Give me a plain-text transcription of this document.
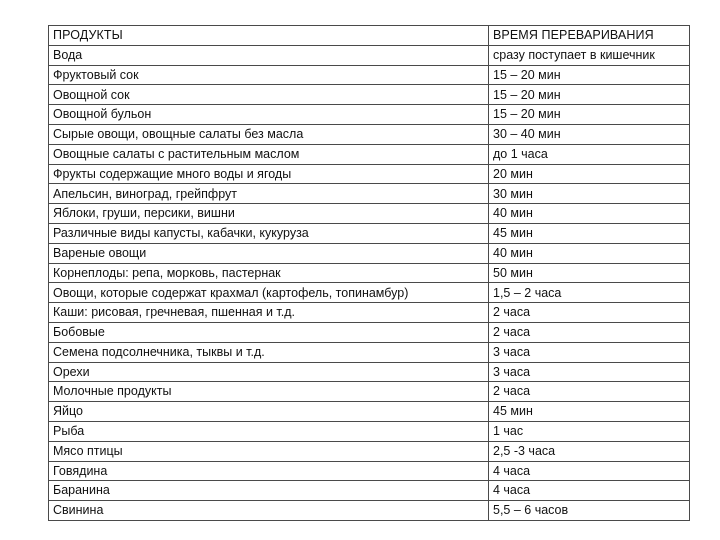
ПРОДУКТЫ	ВРЕМЯ ПЕРЕВАРИВАНИЯ
Вода	сразу поступает в кишечник
Фруктовый сок	15 – 20 мин
Овощной сок	15 – 20 мин
Овощной бульон	15 – 20 мин
Сырые овощи, овощные салаты без масла	30 – 40 мин
Овощные салаты с растительным маслом	до 1 часа
Фрукты содержащие много воды и ягоды	20 мин
Апельсин, виноград, грейпфрут	30 мин
Яблоки, груши, персики, вишни	40 мин
Различные виды капусты, кабачки, кукуруза	45 мин
Вареные овощи	40 мин
Корнеплоды: репа, морковь, пастернак	50 мин
Овощи, которые содержат крахмал (картофель, топинамбур)	1,5 – 2 часа
Каши: рисовая, гречневая, пшенная и т.д.	2 часа
Бобовые	2 часа
Семена подсолнечника, тыквы и т.д.	3 часа
Орехи	3 часа
Молочные продукты	2 часа
Яйцо	45 мин
Рыба	1 час
Мясо птицы	2,5 -3 часа
Говядина	4 часа
Баранина	4 часа
Свинина	5,5 – 6 часов
